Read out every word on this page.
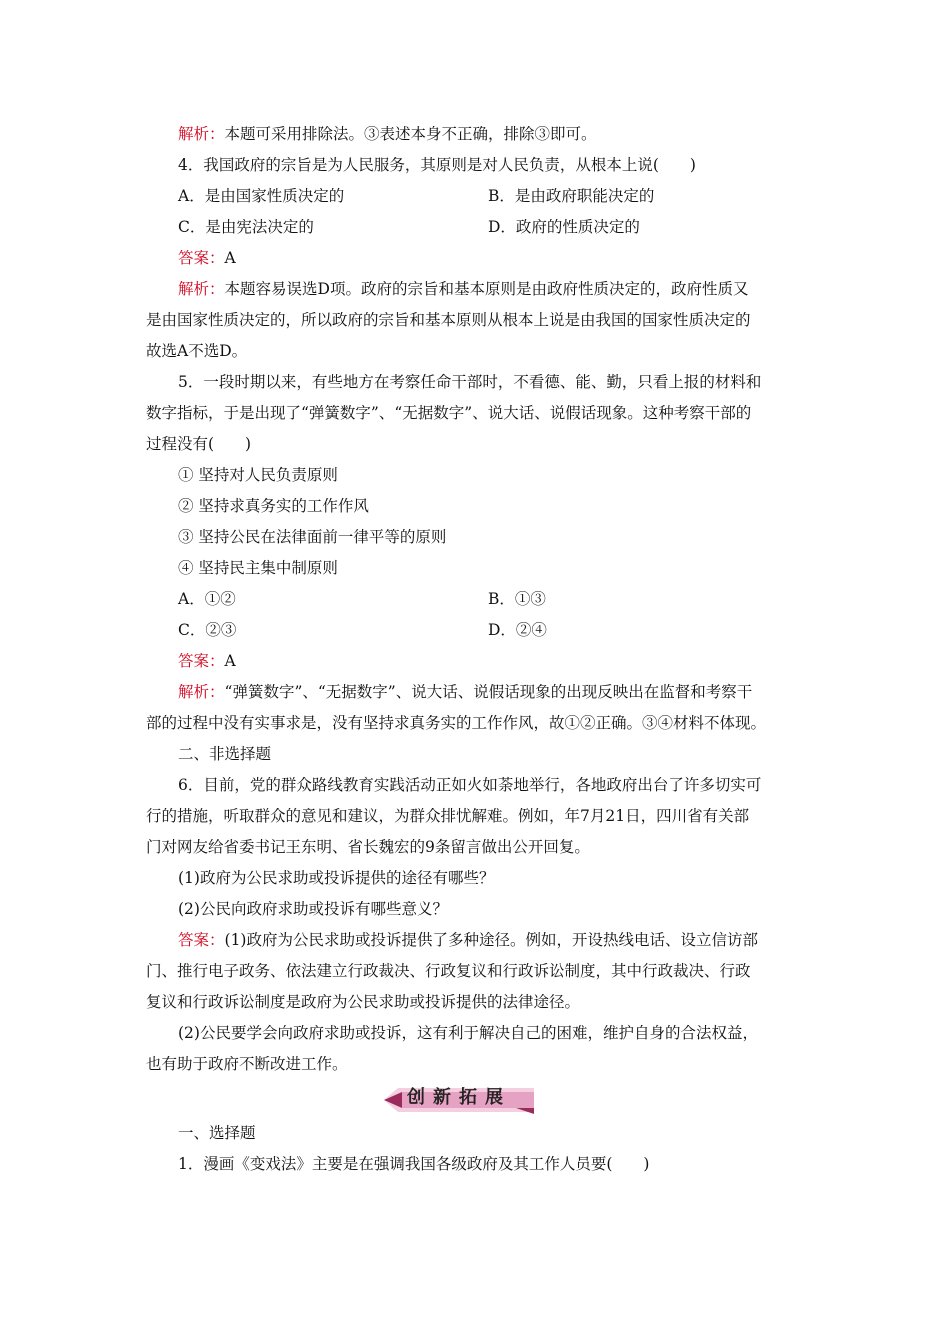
解析：本题可采用排除法。③表述本身不正确，排除③即可。
4．我国政府的宗旨是为人民服务，其原则是对人民负责，从根本上说(　　)
A．是由国家性质决定的	B．是由政府职能决定的
C．是由宪法决定的	D．政府的性质决定的
答案：A
解析：本题容易误选D项。政府的宗旨和基本原则是由政府性质决定的，政府性质又
是由国家性质决定的，所以政府的宗旨和基本原则从根本上说是由我国的国家性质决定的
故选A不选D。
5．一段时期以来，有些地方在考察任命干部时，不看德、能、勤，只看上报的材料和
数字指标，于是出现了“弹簧数字”、“无据数字”、说大话、说假话现象。这种考察干部的
过程没有(　　)
① 坚持对人民负责原则
② 坚持求真务实的工作作风
③ 坚持公民在法律面前一律平等的原则
④ 坚持民主集中制原则
A．①②	B．①③
C．②③	D．②④
答案：A
解析：“弹簧数字”、“无据数字”、说大话、说假话现象的出现反映出在监督和考察干
部的过程中没有实事求是，没有坚持求真务实的工作作风，故①②正确。③④材料不体现。
二、非选择题
6．目前，党的群众路线教育实践活动正如火如荼地举行，各地政府出台了许多切实可
行的措施，听取群众的意见和建议，为群众排忧解难。例如，年7月21日，四川省有关部
门对网友给省委书记王东明、省长魏宏的9条留言做出公开回复。
(1)政府为公民求助或投诉提供的途径有哪些？
(2)公民向政府求助或投诉有哪些意义？
答案：(1)政府为公民求助或投诉提供了多种途径。例如，开设热线电话、设立信访部
门、推行电子政务、依法建立行政裁决、行政复议和行政诉讼制度，其中行政裁决、行政
复议和行政诉讼制度是政府为公民求助或投诉提供的法律途径。
(2)公民要学会向政府求助或投诉，这有利于解决自己的困难，维护自身的合法权益，
也有助于政府不断改进工作。
创新拓展
一、选择题
1．漫画《变戏法》主要是在强调我国各级政府及其工作人员要(　　)
